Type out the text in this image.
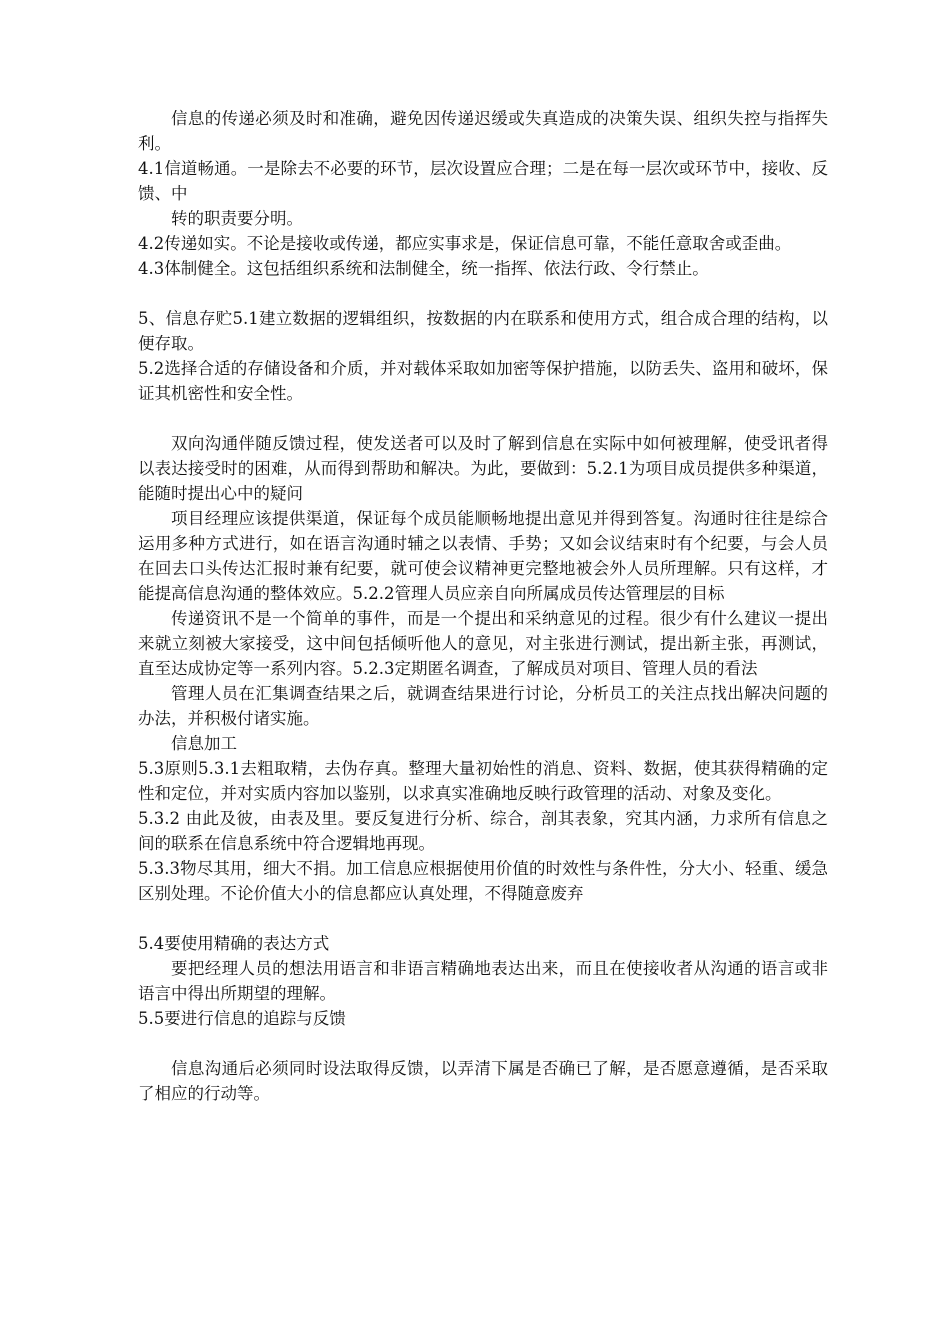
信息的传递必须及时和准确，避免因传递迟缓或失真造成的决策失误、组织失控与指挥失利。

4.1信道畅通。一是除去不必要的环节，层次设置应合理；二是在每一层次或环节中，接收、反馈、中

转的职责要分明。

4.2传递如实。不论是接收或传递，都应实事求是，保证信息可靠，不能任意取舍或歪曲。

4.3体制健全。这包括组织系统和法制健全，统一指挥、依法行政、令行禁止。

5、信息存贮5.1建立数据的逻辑组织，按数据的内在联系和使用方式，组合成合理的结构，以便存取。

5.2选择合适的存储设备和介质，并对载体采取如加密等保护措施，以防丢失、盗用和破坏，保证其机密性和安全性。

双向沟通伴随反馈过程，使发送者可以及时了解到信息在实际中如何被理解，使受讯者得以表达接受时的困难，从而得到帮助和解决。为此，要做到：5.2.1为项目成员提供多种渠道，能随时提出心中的疑问

项目经理应该提供渠道，保证每个成员能顺畅地提出意见并得到答复。沟通时往往是综合运用多种方式进行，如在语言沟通时辅之以表情、手势；又如会议结束时有个纪要，与会人员在回去口头传达汇报时兼有纪要，就可使会议精神更完整地被会外人员所理解。只有这样，才能提高信息沟通的整体效应。5.2.2管理人员应亲自向所属成员传达管理层的目标

传递资讯不是一个简单的事件，而是一个提出和采纳意见的过程。很少有什么建议一提出来就立刻被大家接受，这中间包括倾听他人的意见，对主张进行测试，提出新主张，再测试，直至达成协定等一系列内容。5.2.3定期匿名调查，了解成员对项目、管理人员的看法

管理人员在汇集调查结果之后，就调查结果进行讨论，分析员工的关注点找出解决问题的办法，并积极付诸实施。

信息加工

5.3原则5.3.1去粗取精，去伪存真。整理大量初始性的消息、资料、数据，使其获得精确的定性和定位，并对实质内容加以鉴别，以求真实准确地反映行政管理的活动、对象及变化。

5.3.2 由此及彼，由表及里。要反复进行分析、综合，剖其表象，究其内涵，力求所有信息之间的联系在信息系统中符合逻辑地再现。

5.3.3物尽其用，细大不捐。加工信息应根据使用价值的时效性与条件性，分大小、轻重、缓急区别处理。不论价值大小的信息都应认真处理，不得随意废弃

5.4要使用精确的表达方式

要把经理人员的想法用语言和非语言精确地表达出来，而且在使接收者从沟通的语言或非语言中得出所期望的理解。

5.5要进行信息的追踪与反馈

信息沟通后必须同时设法取得反馈，以弄清下属是否确已了解，是否愿意遵循，是否采取了相应的行动等。
